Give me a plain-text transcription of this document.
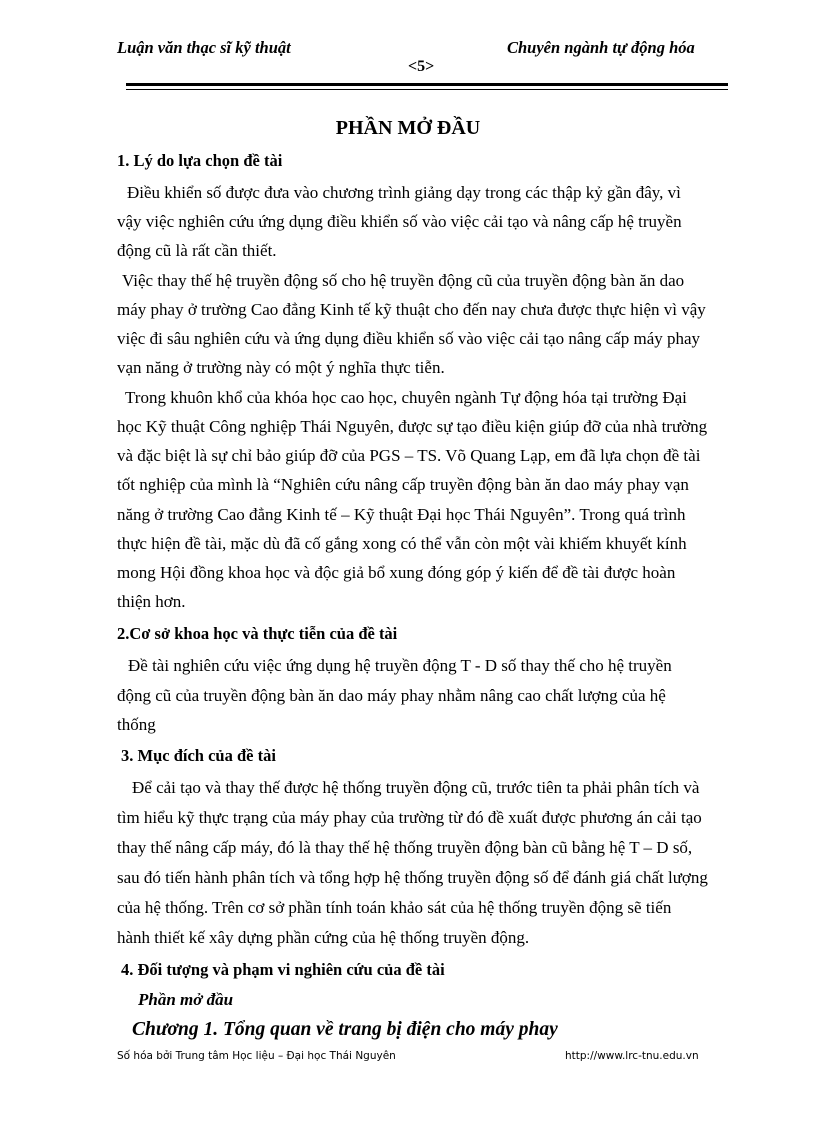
Luận văn thạc sĩ kỹ thuật	Chuyên ngành tự động hóa
<5>
PHẦN MỞ ĐẦU
1. Lý do lựa chọn đề tài
Điều khiển số được đưa vào chương trình giảng dạy trong các thập kỷ gần đây, vì
vậy việc nghiên cứu ứng dụng điều khiển số vào việc cải tạo và nâng cấp hệ truyền
động cũ là rất cần thiết.
Việc thay thế hệ truyền động số cho hệ truyền động cũ của truyền động bàn ăn dao
máy phay ở trường Cao đẳng Kinh tế kỹ thuật cho đến nay chưa được thực hiện vì vậy
việc đi sâu nghiên cứu và ứng dụng điều khiển số vào việc cải tạo nâng cấp máy phay
vạn năng ở trường này có một ý nghĩa thực tiễn.
Trong khuôn khổ của khóa học cao học, chuyên ngành Tự động hóa tại trường Đại
học Kỹ thuật Công nghiệp Thái Nguyên, được sự tạo điều kiện giúp đỡ của nhà trường
và đặc biệt là sự chỉ bảo giúp đỡ của PGS – TS. Võ Quang Lạp, em đã lựa chọn đề tài
tốt nghiệp của mình là “Nghiên cứu nâng cấp truyền động bàn ăn dao máy phay vạn
năng ở trường Cao đẳng Kinh tế – Kỹ thuật Đại học Thái Nguyên”. Trong quá trình
thực hiện đề tài, mặc dù đã cố gắng xong có thể vẫn còn một vài khiếm khuyết kính
mong Hội đồng khoa học và độc giả bổ xung đóng góp ý kiến để đề tài được hoàn
thiện hơn.
2.Cơ sở khoa học và thực tiễn của đề tài
Đề tài nghiên cứu việc ứng dụng hệ truyền động T - D số thay thế cho hệ truyền
động cũ của truyền động bàn ăn dao máy phay nhằm nâng cao chất lượng của hệ
thống
3. Mục đích của đề tài
Để cải tạo và thay thế được hệ thống truyền động cũ, trước tiên ta phải phân tích và
tìm hiểu kỹ thực trạng của máy phay của trường từ đó đề xuất được phương án cải tạo
thay thế nâng cấp máy, đó là thay thế hệ thống truyền động bàn cũ bằng hệ T – D số,
sau đó tiến hành phân tích và tổng hợp hệ thống truyền động số để đánh giá chất lượng
của hệ thống. Trên cơ sở phần tính toán khảo sát của hệ thống truyền động sẽ tiến
hành thiết kế xây dựng phần cứng của hệ thống truyền động.
4. Đối tượng và phạm vi nghiên cứu của đề tài
Phần mở đầu
Chương 1. Tổng quan về trang bị điện cho máy phay
Số hóa bởi Trung tâm Học liệu – Đại học Thái Nguyên	http://www.lrc-tnu.edu.vn
